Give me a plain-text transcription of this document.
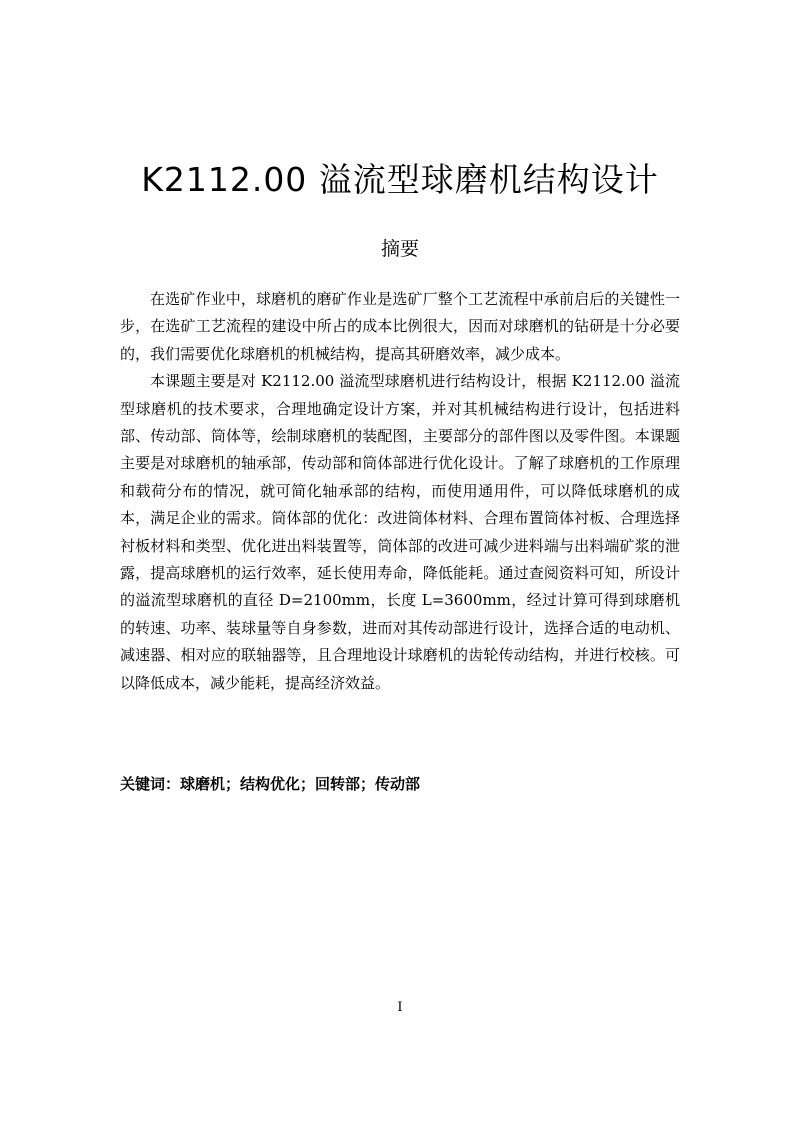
K2112.00 溢流型球磨机结构设计
摘要

在选矿作业中，球磨机的磨矿作业是选矿厂整个工艺流程中承前启后的关键性一步，在选矿工艺流程的建设中所占的成本比例很大，因而对球磨机的钻研是十分必要的，我们需要优化球磨机的机械结构，提高其研磨效率，减少成本。

本课题主要是对 K2112.00 溢流型球磨机进行结构设计，根据 K2112.00 溢流型球磨机的技术要求，合理地确定设计方案，并对其机械结构进行设计，包括进料部、传动部、筒体等，绘制球磨机的装配图，主要部分的部件图以及零件图。本课题主要是对球磨机的轴承部，传动部和筒体部进行优化设计。了解了球磨机的工作原理和载荷分布的情况，就可简化轴承部的结构，而使用通用件，可以降低球磨机的成本，满足企业的需求。筒体部的优化：改进筒体材料、合理布置筒体衬板、合理选择衬板材料和类型、优化进出料装置等，筒体部的改进可减少进料端与出料端矿浆的泄露，提高球磨机的运行效率，延长使用寿命，降低能耗。通过查阅资料可知，所设计的溢流型球磨机的直径 D=2100mm，长度 L=3600mm，经过计算可得到球磨机的转速、功率、装球量等自身参数，进而对其传动部进行设计，选择合适的电动机、减速器、相对应的联轴器等，且合理地设计球磨机的齿轮传动结构，并进行校核。可以降低成本，减少能耗，提高经济效益。

关键词：球磨机；结构优化；回转部；传动部
I
